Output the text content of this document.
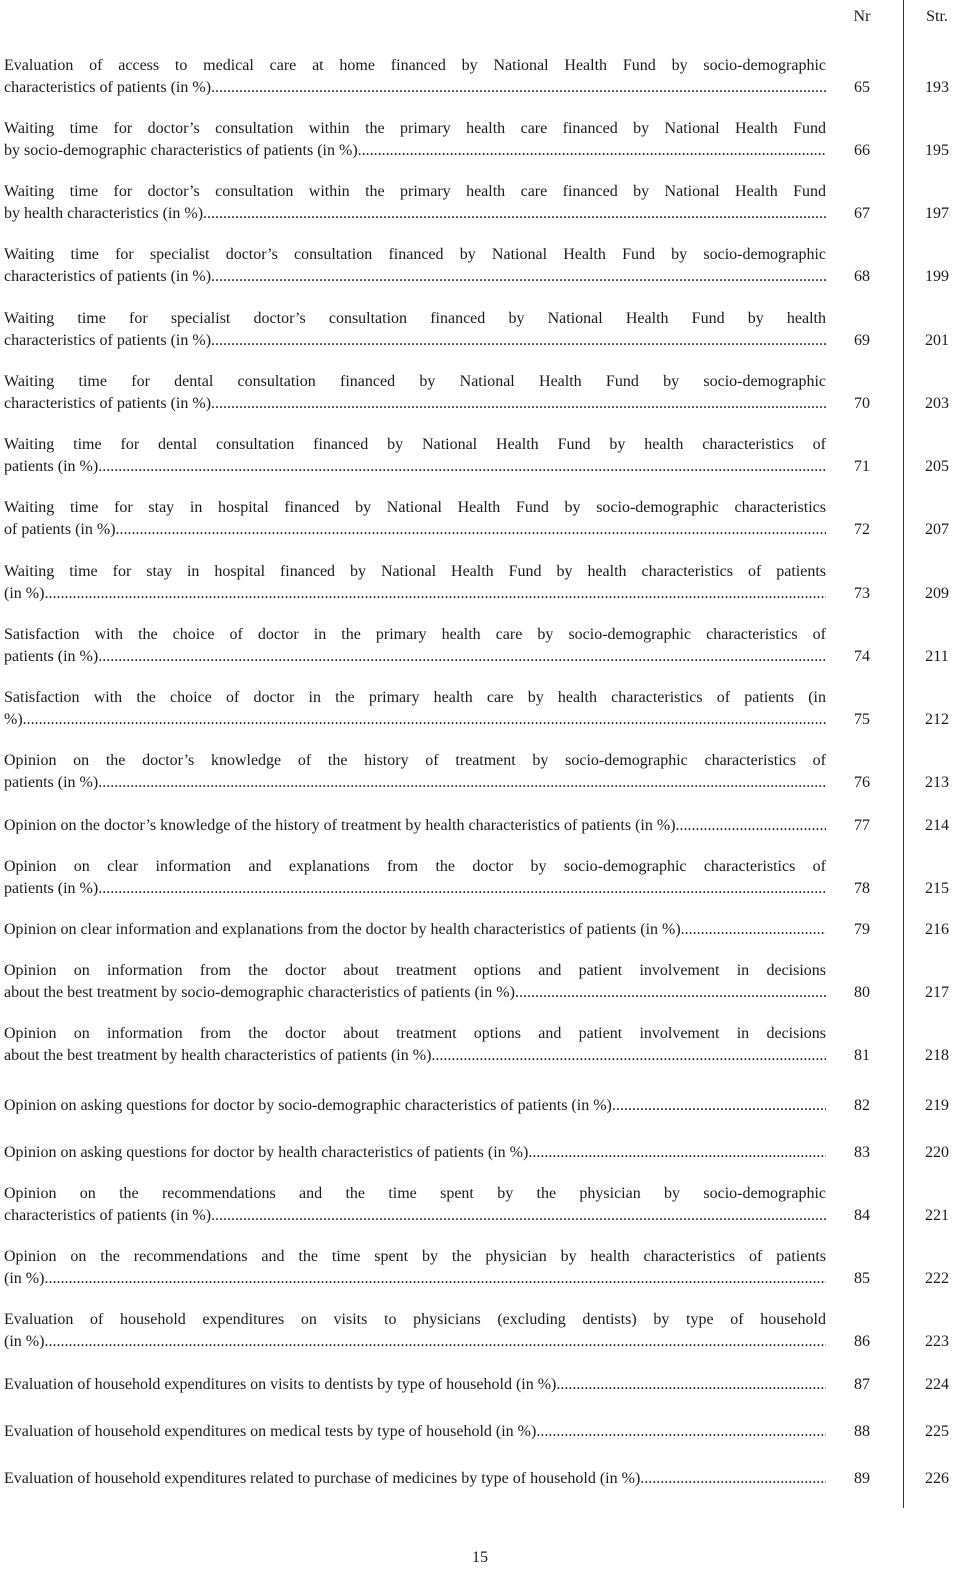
Nr	Str.
Evaluation of access to medical care at home financed by National Health Fund by socio-demographic
characteristics of patients (in %) .....	65	193
Waiting time for doctor’s consultation within the primary health care financed by National Health Fund
by socio-demographic characteristics of patients (in %). .....	66	195
Waiting time for doctor’s consultation within the primary health care financed by National Health Fund
by health characteristics (in %) .....	67	197
Waiting time for specialist doctor’s consultation financed by National Health Fund by socio-demographic
characteristics of patients (in %) .....	68	199
Waiting time for specialist doctor’s consultation financed by National Health Fund by health
characteristics of patients (in %) .....	69	201
Waiting time for dental consultation financed by National Health Fund by socio-demographic
characteristics of patients (in %) .....	70	203
Waiting time for dental consultation financed by National Health Fund by health characteristics of
patients (in %) .....	71	205
Waiting time for stay in hospital financed by National Health Fund by socio-demographic characteristics
of patients (in %) .....	72	207
Waiting time for stay in hospital financed by National Health Fund by health characteristics of patients
(in %) .....	73	209
Satisfaction with the choice of doctor in the primary health care by socio-demographic characteristics of
patients (in %) .....	74	211
Satisfaction with the choice of doctor in the primary health care by health characteristics of patients (in
%) .....	75	212
Opinion on the doctor’s knowledge of the history of treatment by socio-demographic characteristics of
patients (in %) .....	76	213
Opinion on the doctor’s knowledge of the history of treatment by health characteristics of patients (in %) .....	77	214
Opinion on clear information and explanations from the doctor by socio-demographic characteristics of
patients (in %) .....	78	215
Opinion on clear information and explanations from the doctor by health characteristics of patients (in %) .....	79	216
Opinion on information from the doctor about treatment options and patient involvement in decisions
about the best treatment by socio-demographic characteristics of patients (in %) .....	80	217
Opinion on information from the doctor about treatment options and patient involvement in decisions
about the best treatment by health characteristics of patients (in %) .....	81	218
Opinion on asking questions for doctor by socio-demographic characteristics of patients (in %) .....	82	219
Opinion on asking questions for doctor by health characteristics of patients (in %) .....	83	220
Opinion on the recommendations and the time spent by the physician by socio-demographic
characteristics of patients (in %) .....	84	221
Opinion on the recommendations and the time spent by the physician by health characteristics of patients
(in %) .....	85	222
Evaluation of household expenditures on visits to physicians (excluding dentists) by type of household
(in %) .....	86	223
Evaluation of household expenditures on visits to dentists by type of household (in %) .....	87	224
Evaluation of household expenditures on medical tests by type of household (in %) .....	88	225
Evaluation of household expenditures related to purchase of medicines by type of household (in %) .....	89	226
15
